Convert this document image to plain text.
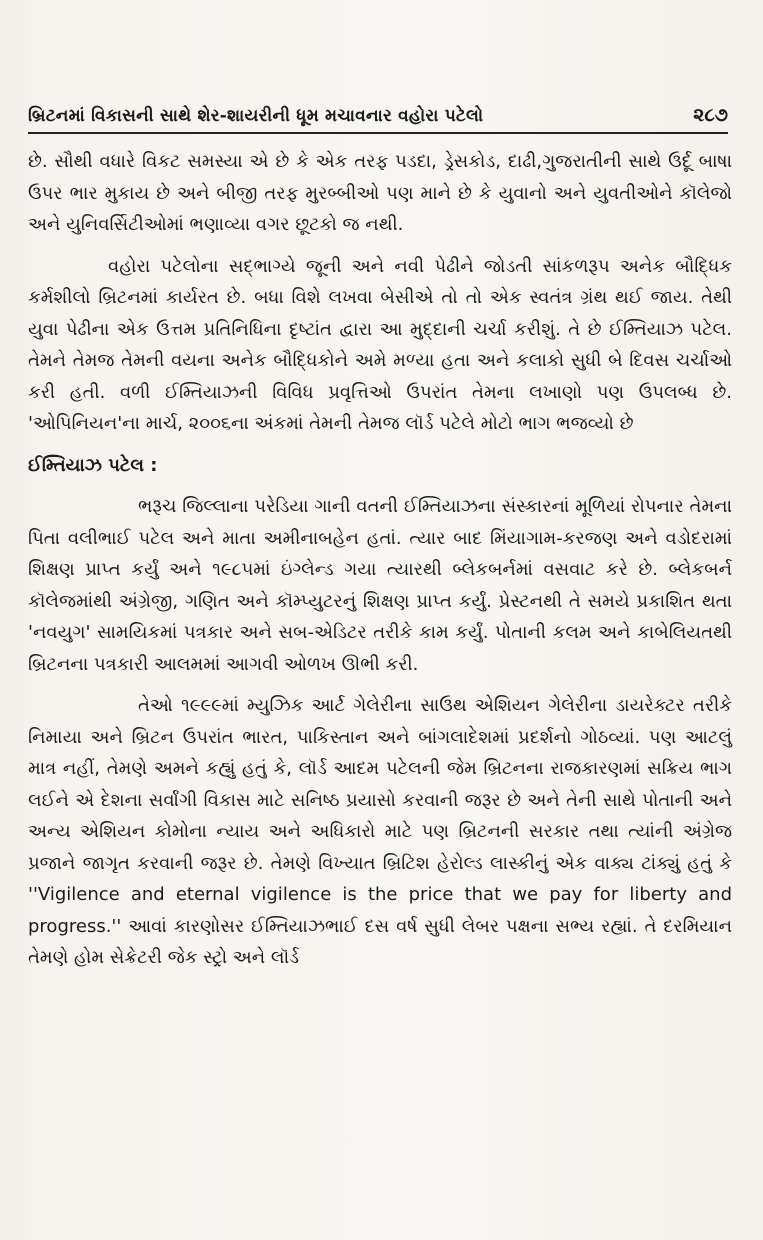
બ્રિટનમાં વિકાસની સાથે શેર-શાયરીની ધૂમ મચાવનાર વહોરા પટેલો	૨૮૭

છે. સૌથી વધારે વિકટ સમસ્યા એ છે કે એક તરફ પડદા, ડ્રેસકોડ, દાઢી,ગુજરાતીની સાથે ઉર્દૂ બાષા ઉપર ભાર મુકાય છે અને બીજી તરફ મુરબ્બીઓ પણ માને છે કે યુવાનો અને યુવતીઓને કૉલેજો અને યુનિવર્સિટીઓમાં ભણાવ્યા વગર છૂટકો જ નથી.

વહોરા પટેલોના સદ્ભાગ્યે જૂની અને નવી પેઢીને જોડતી સાંકળરૂપ અનેક બૌદ્ધિક કર્મશીલો બ્રિટનમાં કાર્યરત છે. બધા વિશે લખવા બેસીએ તો તો એક સ્વતંત્ર ગ્રંથ થઈ જાય. તેથી યુવા પેઢીના એક ઉત્તમ પ્રતિનિધિના દૃષ્ટાંત દ્વારા આ મુદ્દાની ચર્ચા કરીશું. તે છે ઈમ્તિયાઝ પટેલ. તેમને તેમજ તેમની વયના અનેક બૌદ્ધિકોને અમે મળ્યા હતા અને કલાકો સુધી બે દિવસ ચર્ચાઓ કરી હતી. વળી ઈમ્તિયાઝની વિવિધ પ્રવૃત્તિઓ ઉપરાંત તેમના લખાણો પણ ઉપલબ્ધ છે. 'ઓપિનિયન'ના માર્ચ, ૨૦૦૬ના અંકમાં તેમની તેમજ લૉર્ડ પટેલે મોટો ભાગ ભજવ્યો છે

ઈમ્તિયાઝ પટેલ :

ભરૂચ જિલ્લાના પરેડિયા ગાની વતની ઈમ્તિયાઝના સંસ્કારનાં મૂળિયાં રોપનાર તેમના પિતા વલીભાઈ પટેલ અને માતા અમીનાબહેન હતાં. ત્યાર બાદ મિંયાગામ-કરજણ અને વડોદરામાં શિક્ષણ પ્રાપ્ત કર્યું અને ૧૯૮૫માં ઇંગ્લેન્ડ ગયા ત્યારથી બ્લેકબર્નમાં વસવાટ કરે છે. બ્લેકબર્ન કૉલેજમાંથી અંગ્રેજી, ગણિત અને કૉમ્પ્યુટરનું શિક્ષણ પ્રાપ્ત કર્યું. પ્રેસ્ટનથી તે સમયે પ્રકાશિત થતા 'નવયુગ' સામયિકમાં પત્રકાર અને સબ-એડિટર તરીકે કામ કર્યું. પોતાની કલમ અને કાબેલિયતથી બ્રિટનના પત્રકારી આલમમાં આગવી ઓળખ ઊભી કરી.

તેઓ ૧૯૯૯માં મ્યુઝિક આર્ટ ગેલેરીના સાઉથ એશિયન ગેલેરીના ડાયરેક્ટર તરીકે નિમાયા અને બ્રિટન ઉપરાંત ભારત, પાકિસ્તાન અને બાંગલાદેશમાં પ્રદર્શનો ગોઠવ્યાં. પણ આટલું માત્ર નહીં, તેમણે અમને કહ્યું હતું કે, લૉર્ડ આદમ પટેલની જેમ બ્રિટનના રાજકારણમાં સક્રિય ભાગ લઈને એ દેશના સર્વાંગી વિકાસ માટે સનિષ્ઠ પ્રયાસો કરવાની જરૂર છે અને તેની સાથે પોતાની અને અન્ય એશિયન કોમોના ન્યાય અને અધિકારો માટે પણ બ્રિટનની સરકાર તથા ત્યાંની અંગ્રેજ પ્રજાને જાગૃત કરવાની જરૂર છે. તેમણે વિખ્યાત બ્રિટિશ હેરોલ્ડ લાસ્કીનું એક વાક્ય ટાંક્યું હતું કે ''Vigilence and eternal vigilence is the price that we pay for liberty and progress.'' આવાં કારણોસર ઈમ્તિયાઝભાઈ દસ વર્ષ સુધી લેબર પક્ષના સભ્ય રહ્યાં. તે દરમિયાન તેમણે હોમ સેક્રેટરી જેક સ્ટ્રો અને લૉર્ડ
